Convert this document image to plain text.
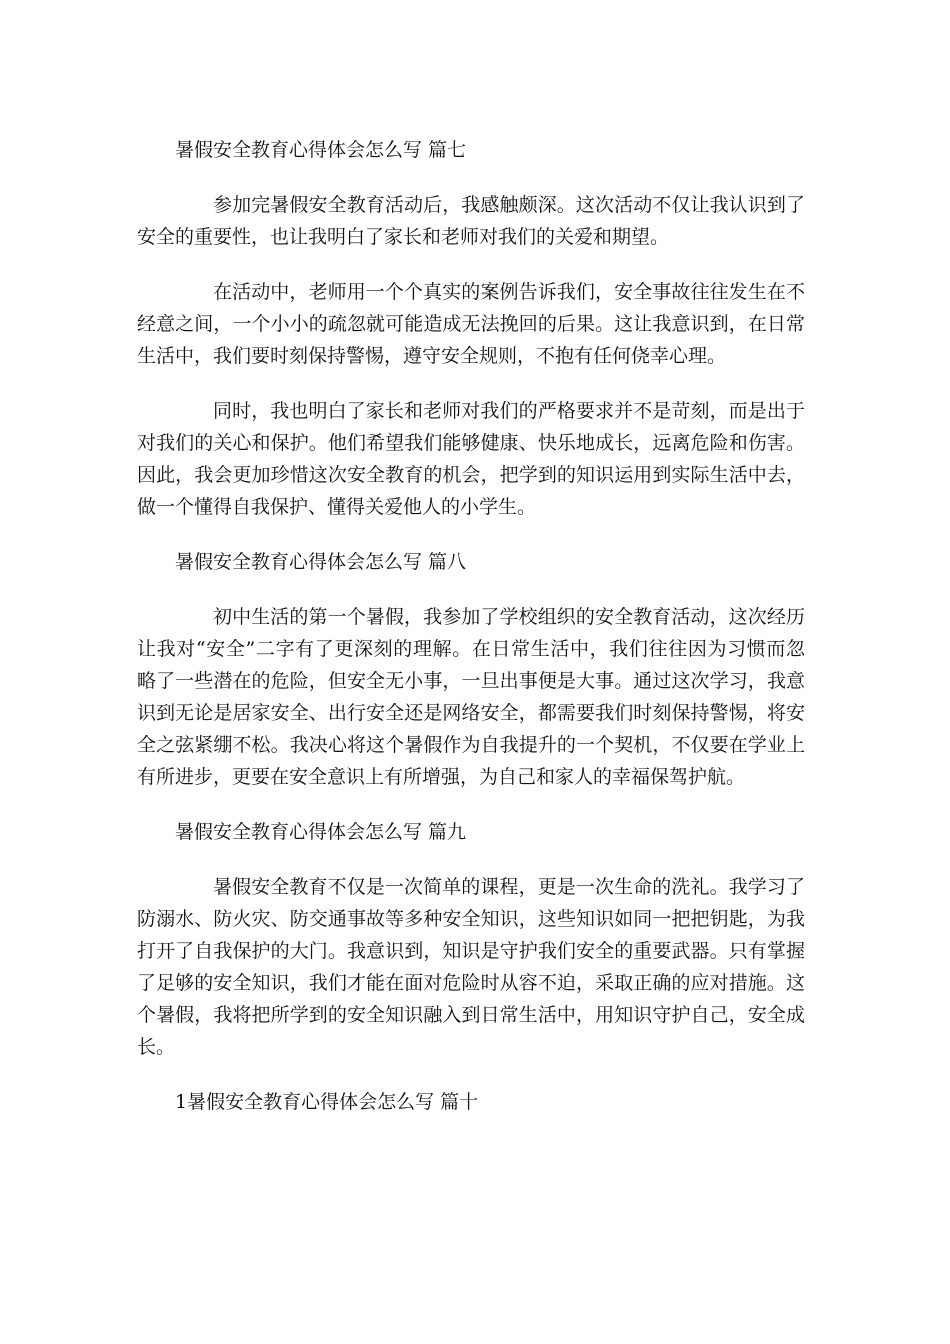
暑假安全教育心得体会怎么写 篇七
参加完暑假安全教育活动后，我感触颇深。这次活动不仅让我认识到了
安全的重要性，也让我明白了家长和老师对我们的关爱和期望。
在活动中，老师用一个个真实的案例告诉我们，安全事故往往发生在不
经意之间，一个小小的疏忽就可能造成无法挽回的后果。这让我意识到，在日常
生活中，我们要时刻保持警惕，遵守安全规则，不抱有任何侥幸心理。
同时，我也明白了家长和老师对我们的严格要求并不是苛刻，而是出于
对我们的关心和保护。他们希望我们能够健康、快乐地成长，远离危险和伤害。
因此，我会更加珍惜这次安全教育的机会，把学到的知识运用到实际生活中去，
做一个懂得自我保护、懂得关爱他人的小学生。
暑假安全教育心得体会怎么写 篇八
初中生活的第一个暑假，我参加了学校组织的安全教育活动，这次经历
让我对“安全”二字有了更深刻的理解。在日常生活中，我们往往因为习惯而忽
略了一些潜在的危险，但安全无小事，一旦出事便是大事。通过这次学习，我意
识到无论是居家安全、出行安全还是网络安全，都需要我们时刻保持警惕，将安
全之弦紧绷不松。我决心将这个暑假作为自我提升的一个契机，不仅要在学业上
有所进步，更要在安全意识上有所增强，为自己和家人的幸福保驾护航。
暑假安全教育心得体会怎么写 篇九
暑假安全教育不仅是一次简单的课程，更是一次生命的洗礼。我学习了
防溺水、防火灾、防交通事故等多种安全知识，这些知识如同一把把钥匙，为我
打开了自我保护的大门。我意识到，知识是守护我们安全的重要武器。只有掌握
了足够的安全知识，我们才能在面对危险时从容不迫，采取正确的应对措施。这
个暑假，我将把所学到的安全知识融入到日常生活中，用知识守护自己，安全成
长。
1暑假安全教育心得体会怎么写 篇十
